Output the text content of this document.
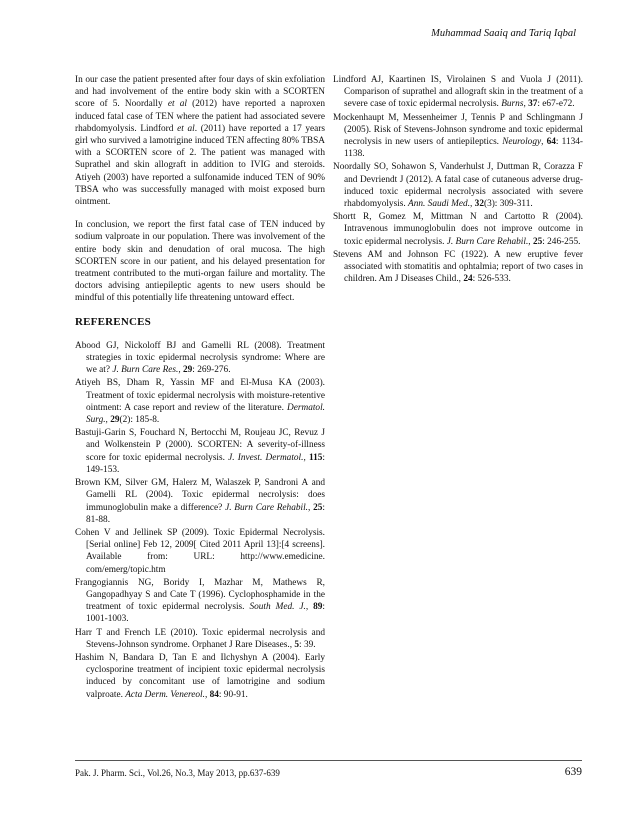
Muhammad Saaiq and Tariq Iqbal

In our case the patient presented after four days of skin exfoliation and had involvement of the entire body skin with a SCORTEN score of 5. Noordally et al (2012) have reported a naproxen induced fatal case of TEN where the patient had associated severe rhabdomyolysis. Lindford et al. (2011) have reported a 17 years girl who survived a lamotrigine induced TEN affecting 80% TBSA with a SCORTEN score of 2. The patient was managed with Suprathel and skin allograft in addition to IVIG and steroids. Atiyeh (2003) have reported a sulfonamide induced TEN of 90% TBSA who was successfully managed with moist exposed burn ointment.

In conclusion, we report the first fatal case of TEN induced by sodium valproate in our population. There was involvement of the entire body skin and denudation of oral mucosa. The high SCORTEN score in our patient, and his delayed presentation for treatment contributed to the muti-organ failure and mortality. The doctors advising antiepileptic agents to new users should be mindful of this potentially life threatening untoward effect.

REFERENCES

Abood GJ, Nickoloff BJ and Gamelli RL (2008). Treatment strategies in toxic epidermal necrolysis syndrome: Where are we at? J. Burn Care Res., 29: 269-276.

Atiyeh BS, Dham R, Yassin MF and El-Musa KA (2003). Treatment of toxic epidermal necrolysis with moisture-retentive ointment: A case report and review of the literature. Dermatol. Surg., 29(2): 185-8.

Bastuji-Garin S, Fouchard N, Bertocchi M, Roujeau JC, Revuz J and Wolkenstein P (2000). SCORTEN: A severity-of-illness score for toxic epidermal necrolysis. J. Invest. Dermatol., 115: 149-153.

Brown KM, Silver GM, Halerz M, Walaszek P, Sandroni A and Gamelli RL (2004). Toxic epidermal necrolysis: does immunoglobulin make a difference? J. Burn Care Rehabil., 25: 81-88.

Cohen V and Jellinek SP (2009). Toxic Epidermal Necrolysis. [Serial online] Feb 12, 2009[ Cited 2011 April 13]:[4 screens]. Available from: URL: http://www.emedicine. com/emerg/topic.htm

Frangogiannis NG, Boridy I, Mazhar M, Mathews R, Gangopadhyay S and Cate T (1996). Cyclophosphamide in the treatment of toxic epidermal necrolysis. South Med. J., 89: 1001-1003.

Harr T and French LE (2010). Toxic epidermal necrolysis and Stevens-Johnson syndrome. Orphanet J Rare Diseases., 5: 39.

Hashim N, Bandara D, Tan E and Ilchyshyn A (2004). Early cyclosporine treatment of incipient toxic epidermal necrolysis induced by concomitant use of lamotrigine and sodium valproate. Acta Derm. Venereol., 84: 90-91.

Lindford AJ, Kaartinen IS, Virolainen S and Vuola J (2011). Comparison of suprathel and allograft skin in the treatment of a severe case of toxic epidermal necrolysis. Burns, 37: e67-e72.

Mockenhaupt M, Messenheimer J, Tennis P and Schlingmann J (2005). Risk of Stevens-Johnson syndrome and toxic epidermal necrolysis in new users of antiepileptics. Neurology, 64: 1134-1138.

Noordally SO, Sohawon S, Vanderhulst J, Duttman R, Corazza F and Devriendt J (2012). A fatal case of cutaneous adverse drug-induced toxic epidermal necrolysis associated with severe rhabdomyolysis. Ann. Saudi Med., 32(3): 309-311.

Shortt R, Gomez M, Mittman N and Cartotto R (2004). Intravenous immunoglobulin does not improve outcome in toxic epidermal necrolysis. J. Burn Care Rehabil., 25: 246-255.

Stevens AM and Johnson FC (1922). A new eruptive fever associated with stomatitis and ophtalmia; report of two cases in children. Am J Diseases Child., 24: 526-533.

Pak. J. Pharm. Sci., Vol.26, No.3, May 2013, pp.637-639	639
